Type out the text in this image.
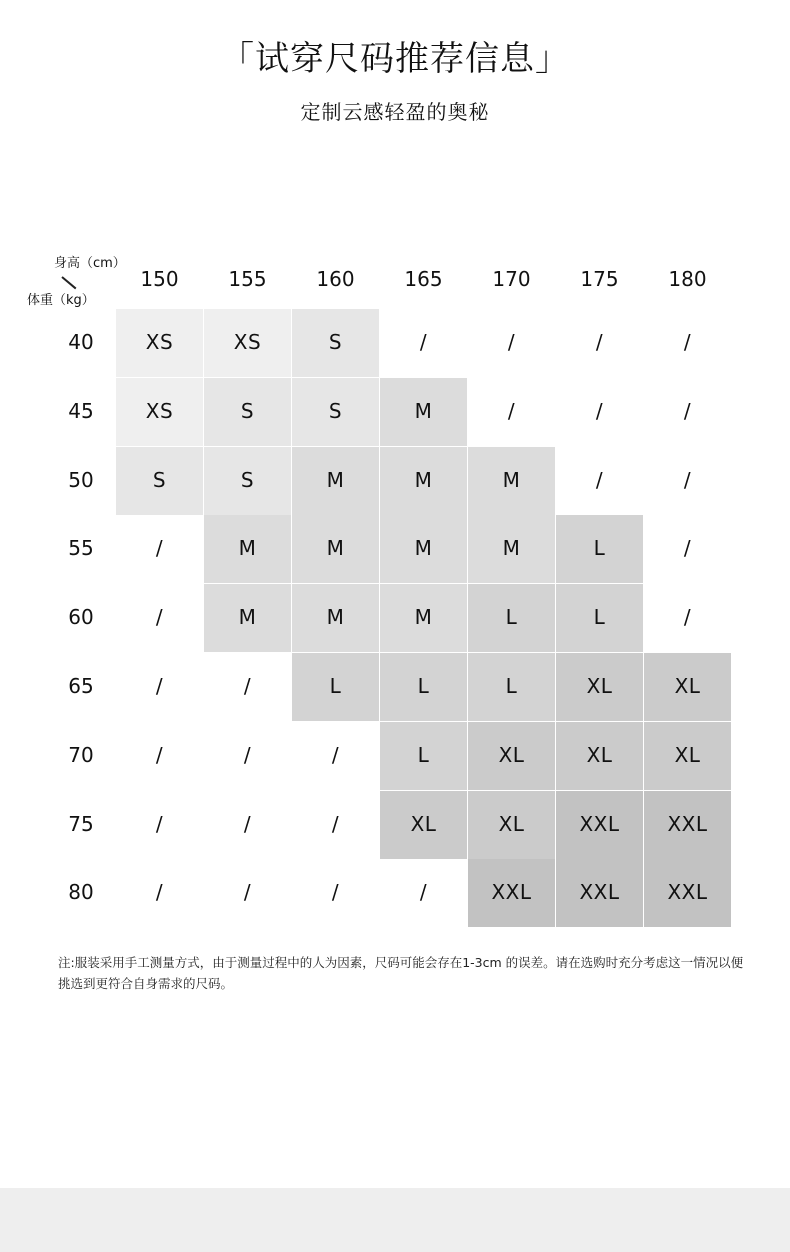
「试穿尺码推荐信息」
定制云感轻盈的奥秘
身高（cm）
体重（kg）
150	155	160	165	170	175	180
40	XS	XS	S	/	/	/	/
45	XS	S	S	M	/	/	/
50	S	S	M	M	M	/	/
55	/	M	M	M	M	L	/
60	/	M	M	M	L	L	/
65	/	/	L	L	L	XL	XL
70	/	/	/	L	XL	XL	XL
75	/	/	/	XL	XL	XXL	XXL
80	/	/	/	/	XXL	XXL	XXL
注:服装采用手工测量方式，由于测量过程中的人为因素，尺码可能会存在1-3cm 的误差。请在选购时充分考虑这一情况以便挑选到更符合自身需求的尺码。
